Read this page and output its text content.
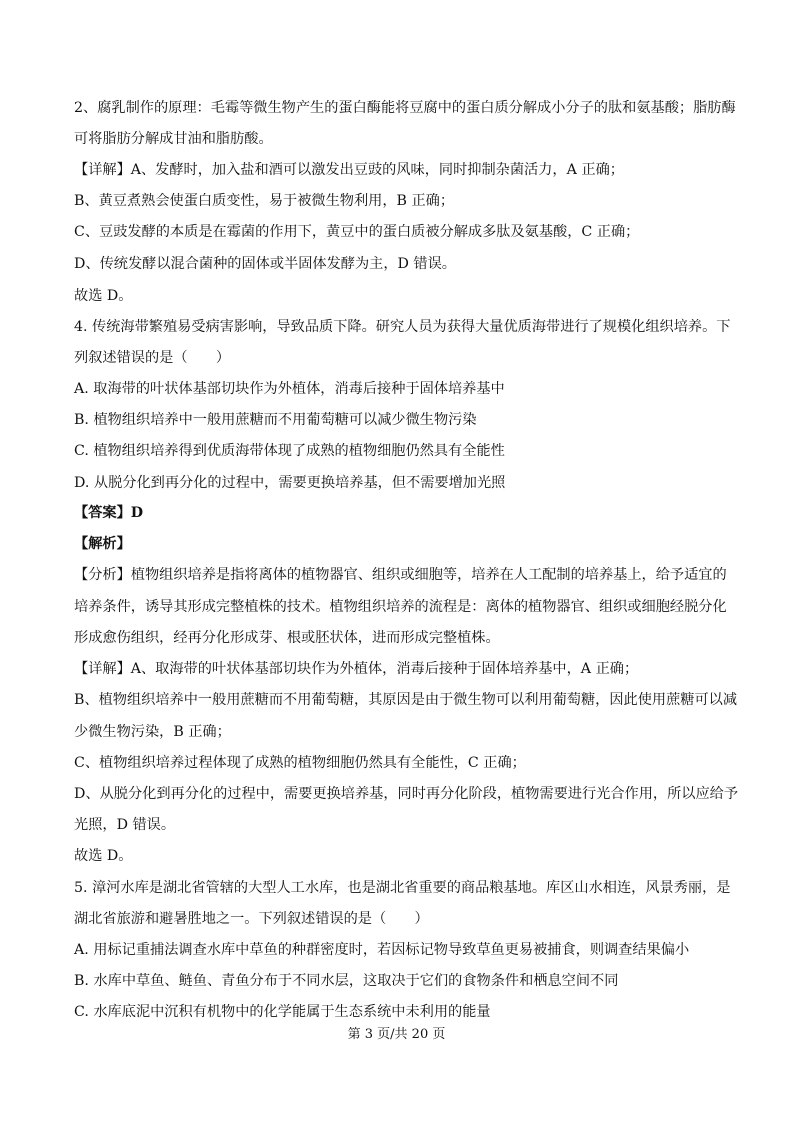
2、腐乳制作的原理：毛霉等微生物产生的蛋白酶能将豆腐中的蛋白质分解成小分子的肽和氨基酸；脂肪酶
可将脂肪分解成甘油和脂肪酸。
【详解】A、发酵时，加入盐和酒可以激发出豆豉的风味，同时抑制杂菌活力，A 正确；
B、黄豆煮熟会使蛋白质变性，易于被微生物利用，B 正确；
C、豆豉发酵的本质是在霉菌的作用下，黄豆中的蛋白质被分解成多肽及氨基酸，C 正确；
D、传统发酵以混合菌种的固体或半固体发酵为主，D 错误。
故选 D。
4. 传统海带繁殖易受病害影响，导致品质下降。研究人员为获得大量优质海带进行了规模化组织培养。下
列叙述错误的是（　　）
A. 取海带的叶状体基部切块作为外植体，消毒后接种于固体培养基中
B. 植物组织培养中一般用蔗糖而不用葡萄糖可以减少微生物污染
C. 植物组织培养得到优质海带体现了成熟的植物细胞仍然具有全能性
D. 从脱分化到再分化的过程中，需要更换培养基，但不需要增加光照
【答案】D
【解析】
【分析】植物组织培养是指将离体的植物器官、组织或细胞等，培养在人工配制的培养基上，给予适宜的
培养条件，诱导其形成完整植株的技术。植物组织培养的流程是：离体的植物器官、组织或细胞经脱分化
形成愈伤组织，经再分化形成芽、根或胚状体，进而形成完整植株。
【详解】A、取海带的叶状体基部切块作为外植体，消毒后接种于固体培养基中，A 正确；
B、植物组织培养中一般用蔗糖而不用葡萄糖，其原因是由于微生物可以利用葡萄糖，因此使用蔗糖可以减
少微生物污染，B 正确；
C、植物组织培养过程体现了成熟的植物细胞仍然具有全能性，C 正确；
D、从脱分化到再分化的过程中，需要更换培养基，同时再分化阶段，植物需要进行光合作用，所以应给予
光照，D 错误。
故选 D。
5. 漳河水库是湖北省管辖的大型人工水库，也是湖北省重要的商品粮基地。库区山水相连，风景秀丽，是
湖北省旅游和避暑胜地之一。下列叙述错误的是（　　）
A. 用标记重捕法调查水库中草鱼的种群密度时，若因标记物导致草鱼更易被捕食，则调查结果偏小
B. 水库中草鱼、鲢鱼、青鱼分布于不同水层，这取决于它们的食物条件和栖息空间不同
C. 水库底泥中沉积有机物中的化学能属于生态系统中未利用的能量
第 3 页/共 20 页
